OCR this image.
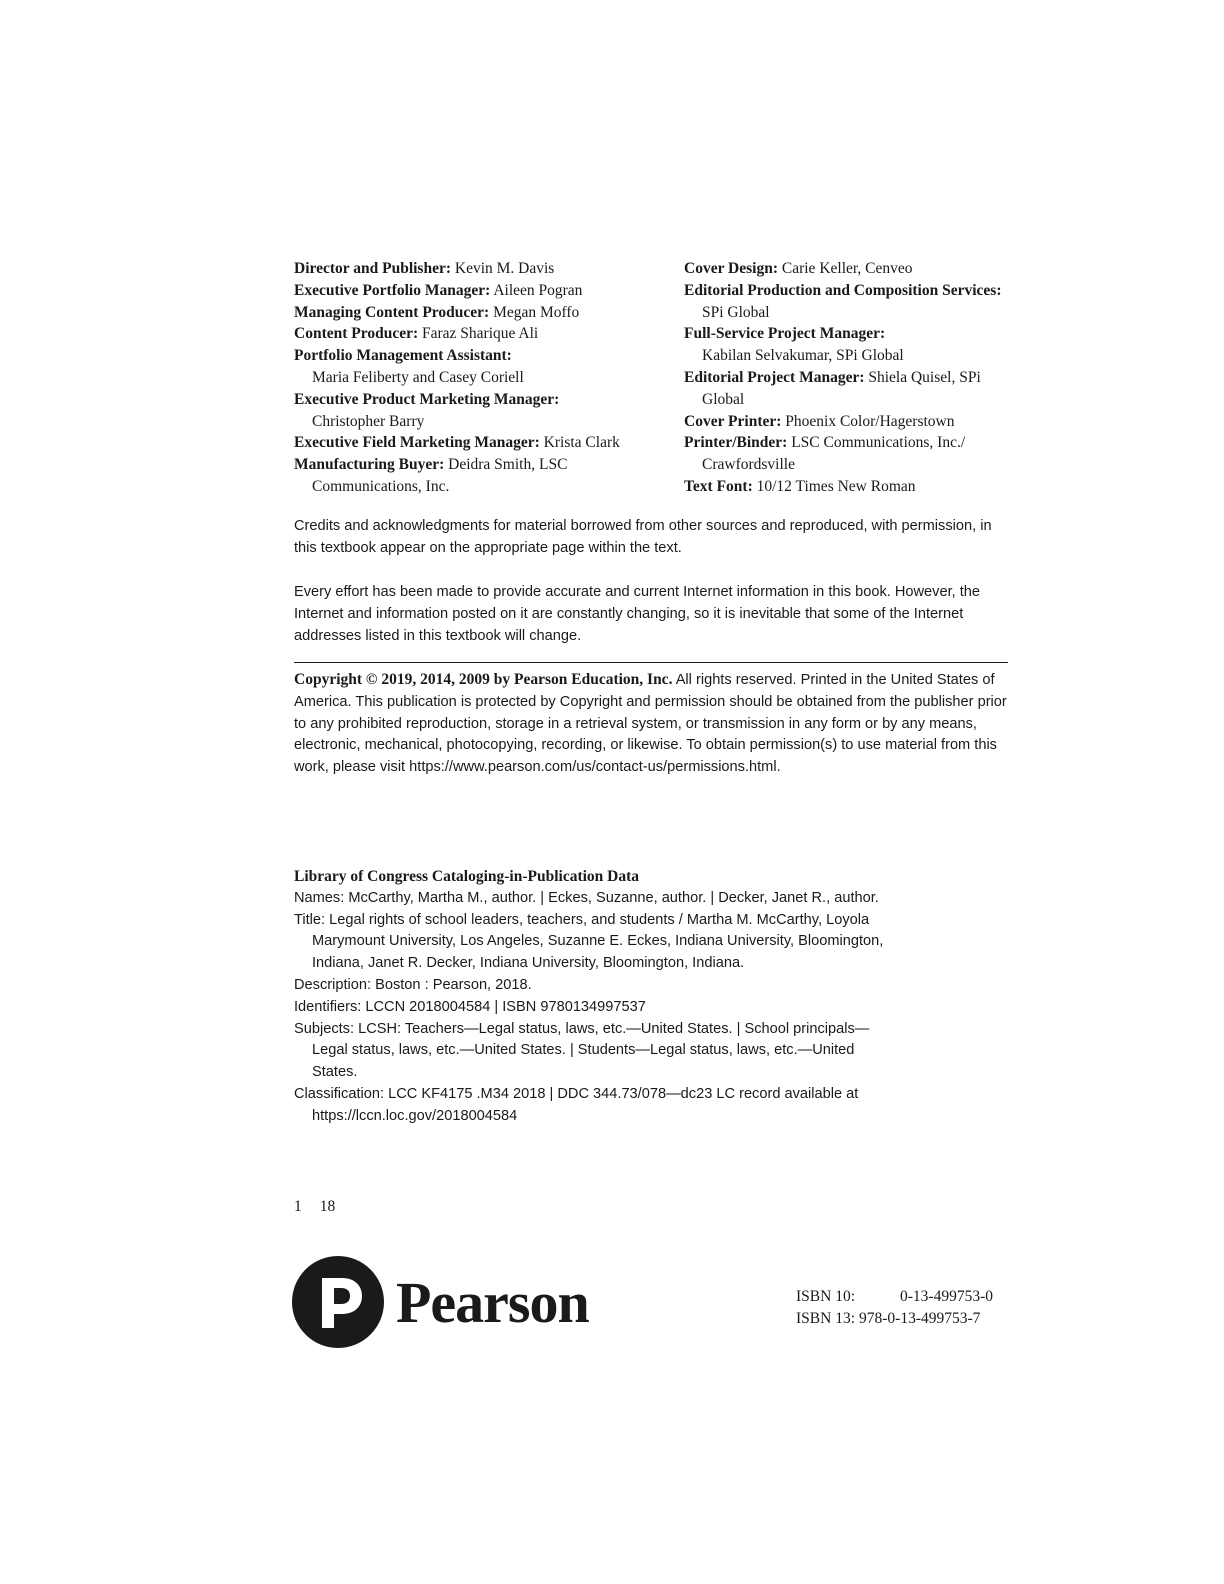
Director and Publisher: Kevin M. Davis

Executive Portfolio Manager: Aileen Pogran

Managing Content Producer: Megan Moffo

Content Producer: Faraz Sharique Ali

Portfolio Management Assistant:
Maria Feliberty and Casey Coriell

Executive Product Marketing Manager:
Christopher Barry

Executive Field Marketing Manager: Krista Clark

Manufacturing Buyer: Deidra Smith, LSC Communications, Inc.

Cover Design: Carie Keller, Cenveo

Editorial Production and Composition Services: SPi Global

Full-Service Project Manager:
Kabilan Selvakumar, SPi Global

Editorial Project Manager: Shiela Quisel, SPi Global

Cover Printer: Phoenix Color/Hagerstown

Printer/Binder: LSC Communications, Inc./ Crawfordsville

Text Font: 10/12 Times New Roman

Credits and acknowledgments for material borrowed from other sources and reproduced, with permission, in this textbook appear on the appropriate page within the text.

Every effort has been made to provide accurate and current Internet information in this book. However, the Internet and information posted on it are constantly changing, so it is inevitable that some of the Internet addresses listed in this textbook will change.

Copyright © 2019, 2014, 2009 by Pearson Education, Inc. All rights reserved. Printed in the United States of America. This publication is protected by Copyright and permission should be obtained from the publisher prior to any prohibited reproduction, storage in a retrieval system, or transmission in any form or by any means, electronic, mechanical, photocopying, recording, or likewise. To obtain permission(s) to use material from this work, please visit https://www.pearson.com/us/contact-us/permissions.html.

Library of Congress Cataloging-in-Publication Data

Names: McCarthy, Martha M., author. | Eckes, Suzanne, author. | Decker, Janet R., author.

Title: Legal rights of school leaders, teachers, and students / Martha M. McCarthy, Loyola Marymount University, Los Angeles, Suzanne E. Eckes, Indiana University, Bloomington, Indiana, Janet R. Decker, Indiana University, Bloomington, Indiana.

Description: Boston : Pearson, 2018.

Identifiers: LCCN 2018004584 | ISBN 9780134997537

Subjects: LCSH: Teachers—Legal status, laws, etc.—United States. | School principals—Legal status, laws, etc.—United States. | Students—Legal status, laws, etc.—United States.

Classification: LCC KF4175 .M34 2018 | DDC 344.73/078—dc23 LC record available at https://lccn.loc.gov/2018004584

1 18
Pearson	ISBN 10:	0-13-499753-0
ISBN 13: 978-0-13-499753-7
